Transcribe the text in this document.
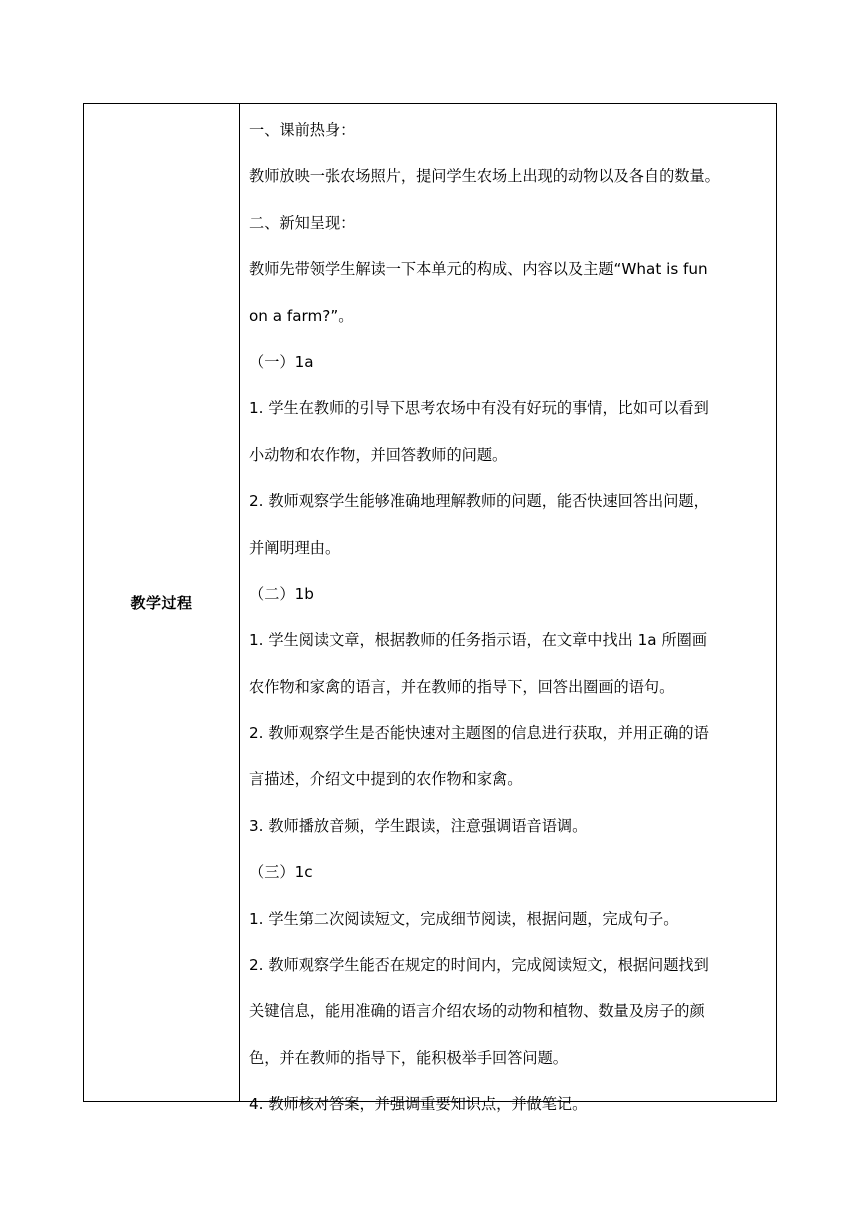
教学过程
一、课前热身：
教师放映一张农场照片，提问学生农场上出现的动物以及各自的数量。
二、新知呈现：
教师先带领学生解读一下本单元的构成、内容以及主题“What is fun
on a farm?”。
（一）1a
1. 学生在教师的引导下思考农场中有没有好玩的事情，比如可以看到
小动物和农作物，并回答教师的问题。
2. 教师观察学生能够准确地理解教师的问题，能否快速回答出问题，
并阐明理由。
（二）1b
1. 学生阅读文章，根据教师的任务指示语，在文章中找出 1a 所圈画
农作物和家禽的语言，并在教师的指导下，回答出圈画的语句。
2. 教师观察学生是否能快速对主题图的信息进行获取，并用正确的语
言描述，介绍文中提到的农作物和家禽。
3. 教师播放音频，学生跟读，注意强调语音语调。
（三）1c
1. 学生第二次阅读短文，完成细节阅读，根据问题，完成句子。
2. 教师观察学生能否在规定的时间内，完成阅读短文，根据问题找到
关键信息，能用准确的语言介绍农场的动物和植物、数量及房子的颜
色，并在教师的指导下，能积极举手回答问题。
4. 教师核对答案，并强调重要知识点，并做笔记。
